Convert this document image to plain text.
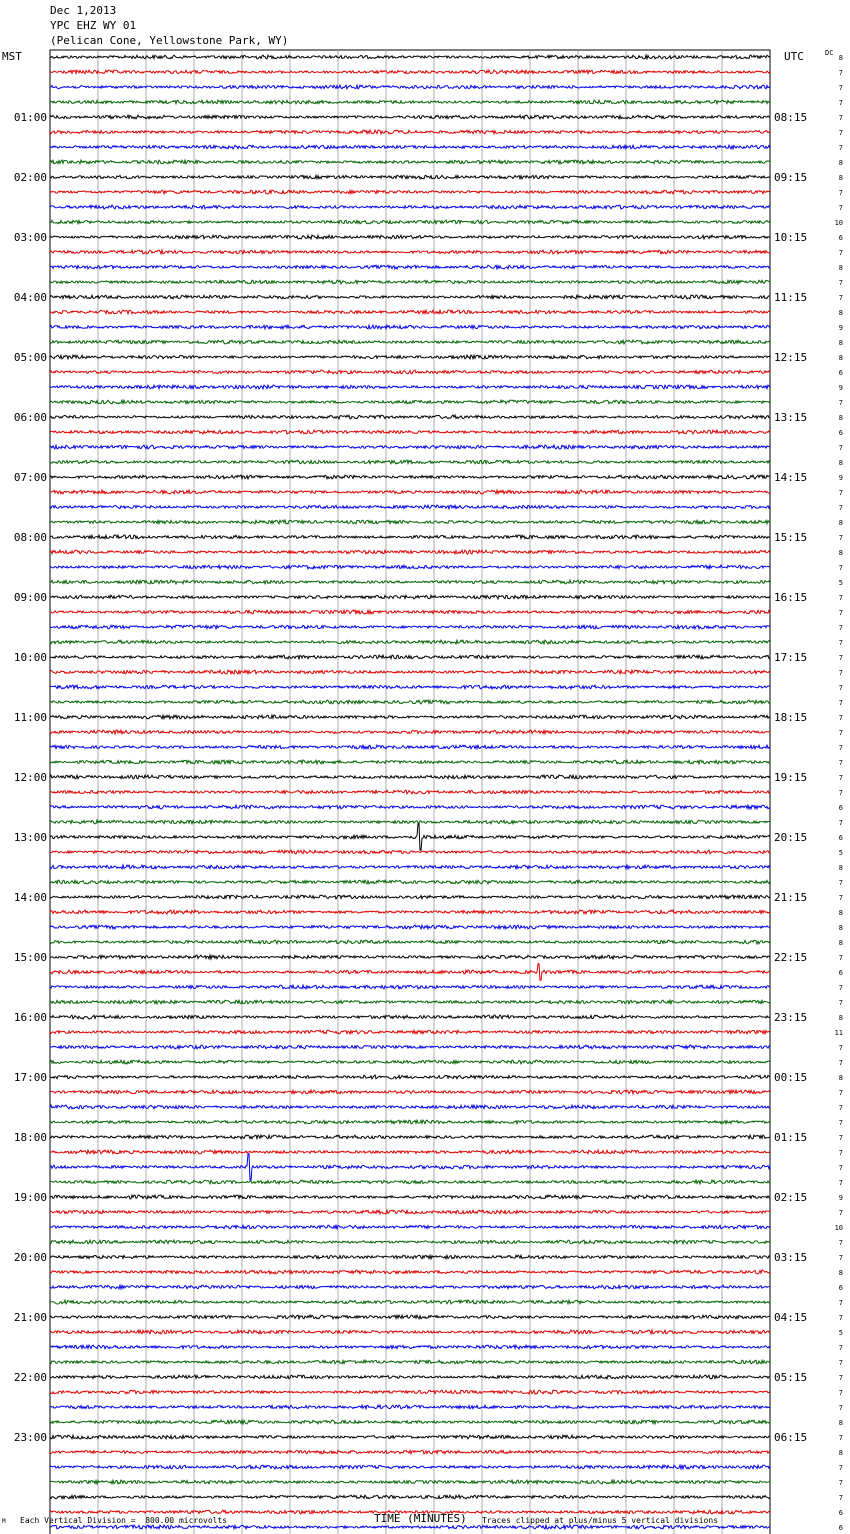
Dec 1,2013
YPC EHZ WY 01
(Pelican Cone, Yellowstone Park, WY)
MST	UTC	DC
8
7
7
7
7
01:00	08:15
7
7
8
8
02:00	09:15
7
7
10
6
03:00	10:15
7
8
7
7
04:00	11:15
8
9
8
8
05:00	12:15
6
9
7
8
06:00	13:15
6
7
8
9
07:00	14:15
7
7
8
7
08:00	15:15
8
7
5
7
09:00	16:15
7
7
7
7
10:00	17:15
7
7
7
7
11:00	18:15
7
7
7
7
12:00	19:15
7
6
7
6
13:00	20:15
5
8
7
7
14:00	21:15
8
8
8
7
15:00	22:15
6
7
7
8
16:00	23:15
11
7
7
8
17:00	00:15
7
7
7
7
18:00	01:15
7
7
7
9
19:00	02:15
7
10
7
7
20:00	03:15
8
6
7
7
21:00	04:15
5
7
7
7
22:00	05:15
7
7
8
7
23:00	06:15
8
7
7
7
6
6
TIME (MINUTES)
Each Vertical Division =  800.00 microvolts	Traces clipped at plus/minus 5 vertical divisions
M
